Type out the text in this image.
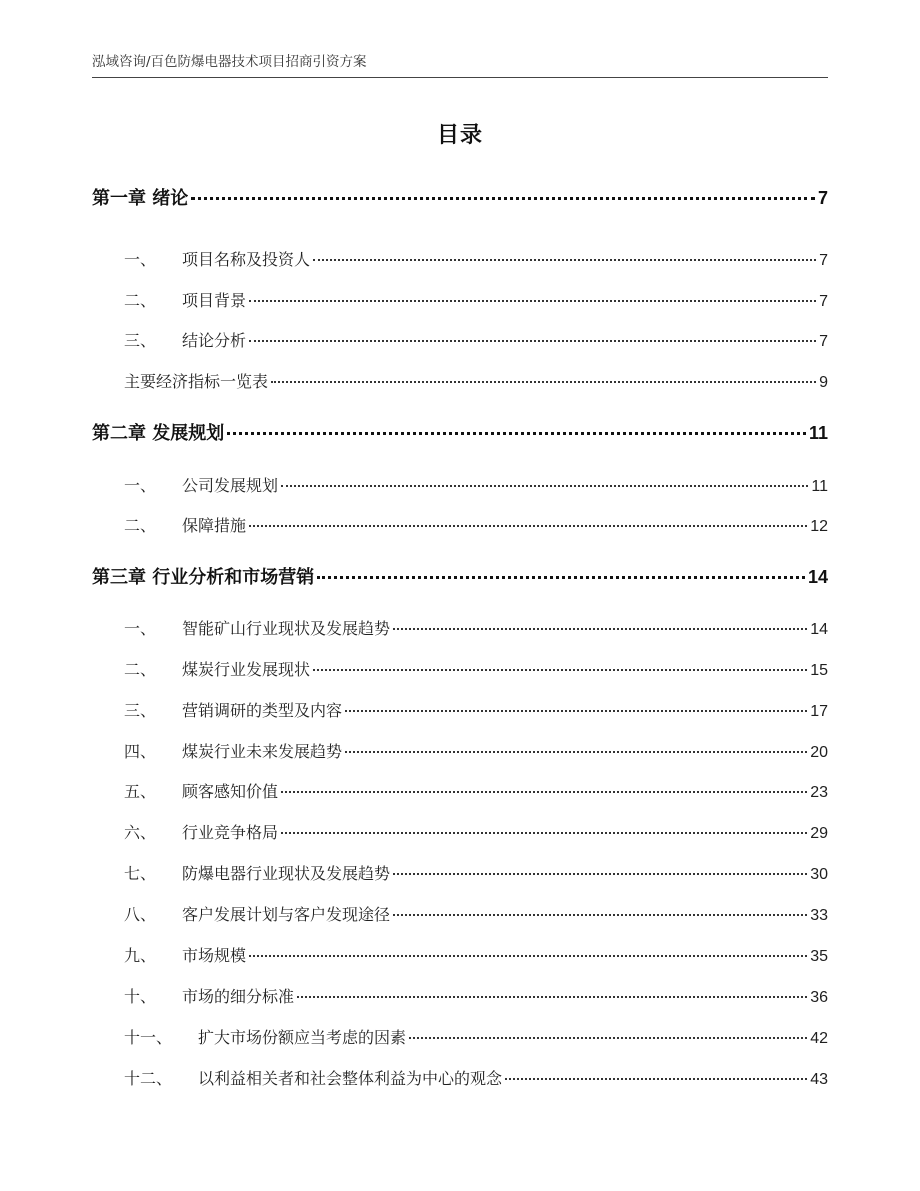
泓域咨询/百色防爆电器技术项目招商引资方案
目录
第一章 绪论	7
一、 项目名称及投资人	7
二、 项目背景	7
三、 结论分析	7
主要经济指标一览表	9
第二章 发展规划	11
一、 公司发展规划	11
二、 保障措施	12
第三章 行业分析和市场营销	14
一、 智能矿山行业现状及发展趋势	14
二、 煤炭行业发展现状	15
三、 营销调研的类型及内容	17
四、 煤炭行业未来发展趋势	20
五、 顾客感知价值	23
六、 行业竞争格局	29
七、 防爆电器行业现状及发展趋势	30
八、 客户发展计划与客户发现途径	33
九、 市场规模	35
十、 市场的细分标准	36
十一、 扩大市场份额应当考虑的因素	42
十二、 以利益相关者和社会整体利益为中心的观念	43
